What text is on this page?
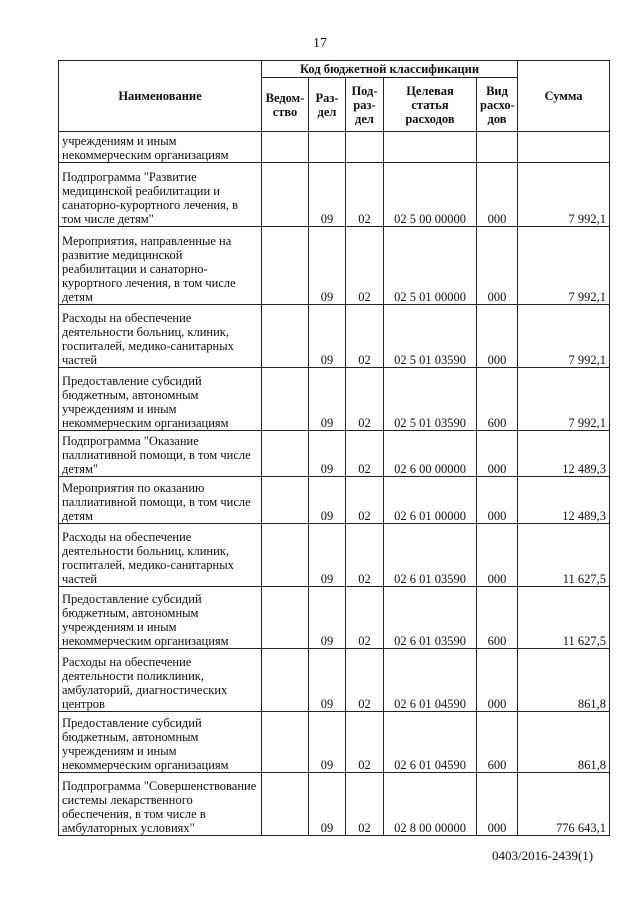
17
Наименование	Код бюджетной классификации					Сумма
	Ведом-ство	Раз-дел	Под-раз-дел	Целевая статья расходов	Вид расхо-дов	
учреждениям и иным некоммерческим организациям						
Подпрограмма "Развитие медицинской реабилитации и санаторно-курортного лечения, в том числе детям"		09	02	02 5 00 00000	000	7 992,1
Мероприятия, направленные на развитие медицинской реабилитации и санаторно-курортного лечения, в том числе детям		09	02	02 5 01 00000	000	7 992,1
Расходы на обеспечение деятельности больниц, клиник, госпиталей, медико-санитарных частей		09	02	02 5 01 03590	000	7 992,1
Предоставление субсидий бюджетным, автономным учреждениям и иным некоммерческим организациям		09	02	02 5 01 03590	600	7 992,1
Подпрограмма "Оказание паллиативной помощи, в том числе детям"		09	02	02 6 00 00000	000	12 489,3
Мероприятия по оказанию паллиативной помощи, в том числе детям		09	02	02 6 01 00000	000	12 489,3
Расходы на обеспечение деятельности больниц, клиник, госпиталей, медико-санитарных частей		09	02	02 6 01 03590	000	11 627,5
Предоставление субсидий бюджетным, автономным учреждениям и иным некоммерческим организациям		09	02	02 6 01 03590	600	11 627,5
Расходы на обеспечение деятельности поликлиник, амбулаторий, диагностических центров		09	02	02 6 01 04590	000	861,8
Предоставление субсидий бюджетным, автономным учреждениям и иным некоммерческим организациям		09	02	02 6 01 04590	600	861,8
Подпрограмма "Совершенствование системы лекарственного обеспечения, в том числе в амбулаторных условиях"		09	02	02 8 00 00000	000	776 643,1
0403/2016-2439(1)
